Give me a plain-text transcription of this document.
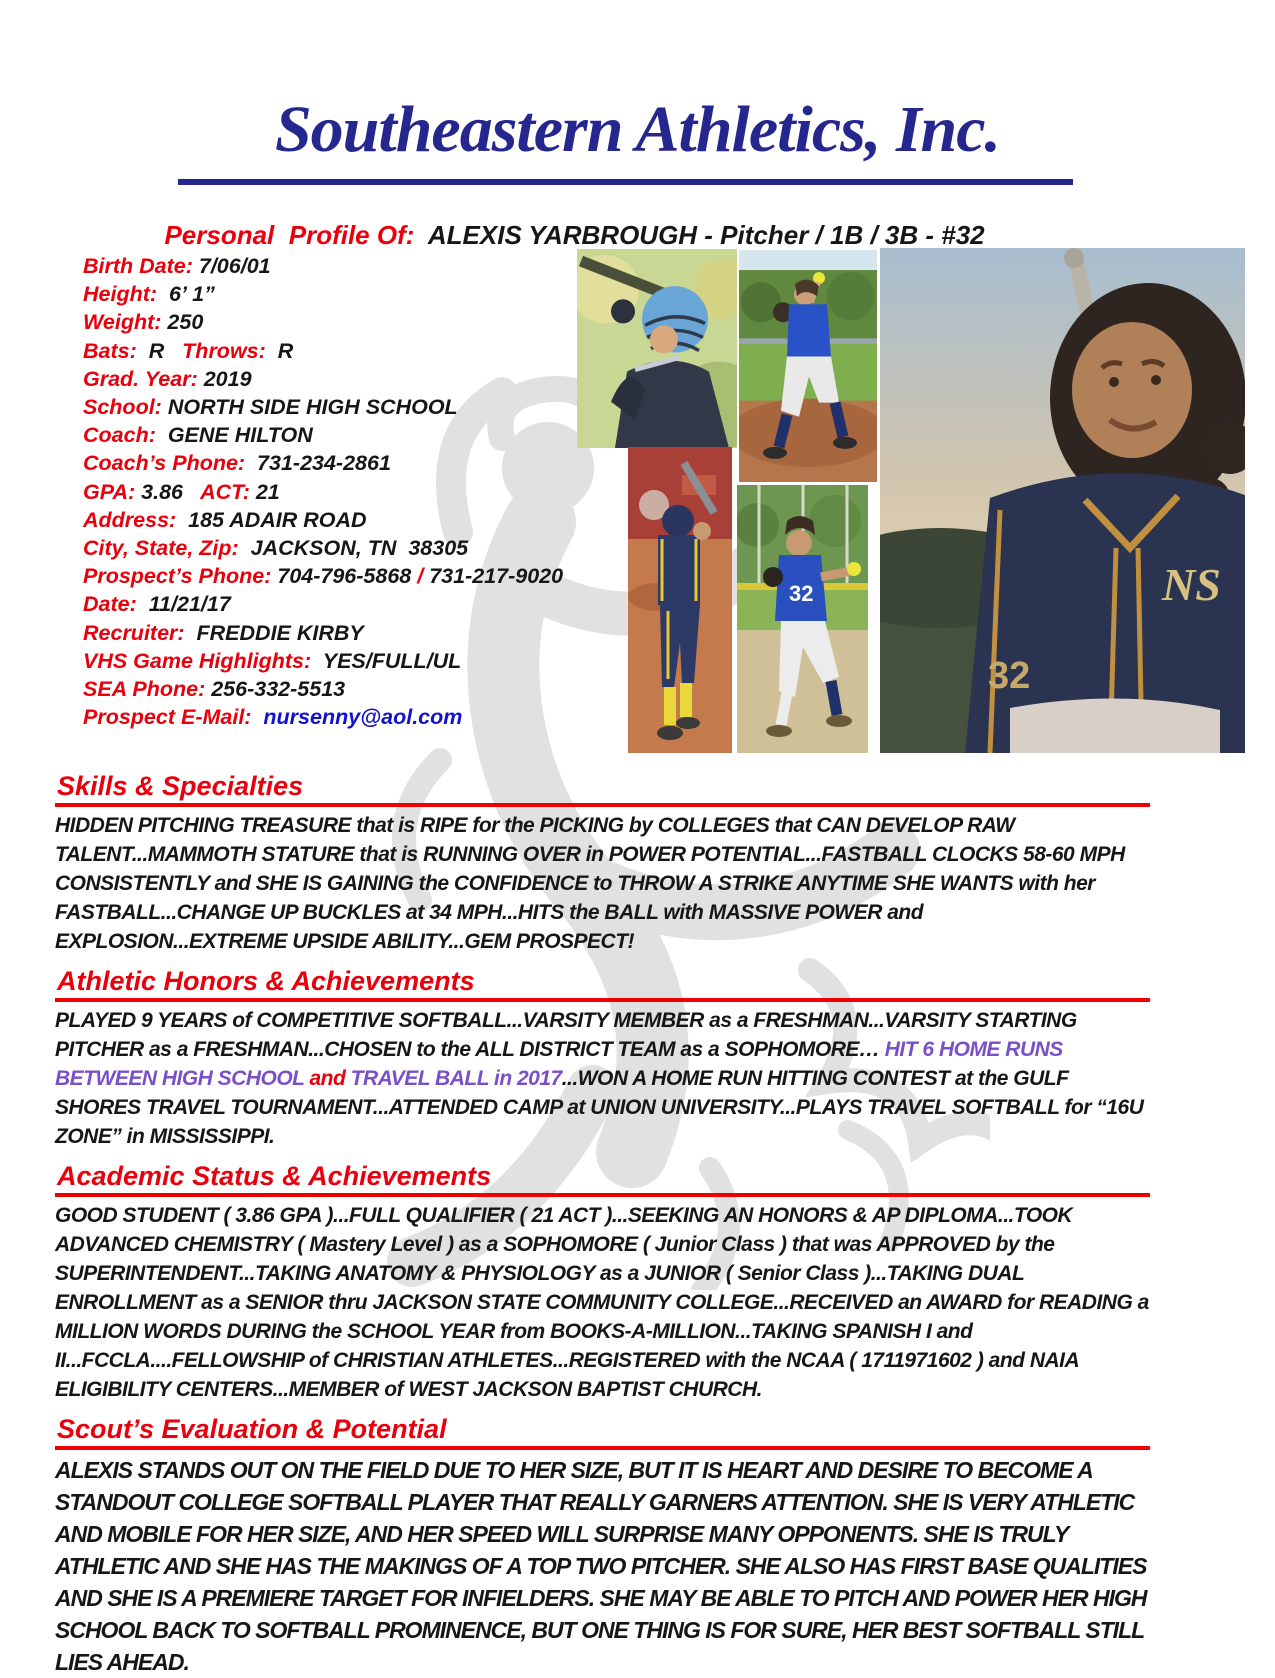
Southeastern Athletics, Inc.

Personal  Profile Of:  ALEXIS YARBROUGH - Pitcher / 1B / 3B - #32

Birth Date: 7/06/01
Height:  6’ 1”
Weight: 250
Bats:  R   Throws:  R
Grad. Year: 2019
School: NORTH SIDE HIGH SCHOOL
Coach:  GENE HILTON
Coach’s Phone:  731-234-2861
GPA: 3.86   ACT: 21
Address:  185 ADAIR ROAD
City, State, Zip:  JACKSON, TN  38305
Prospect’s Phone: 704-796-5868 / 731-217-9020
Date:  11/21/17
Recruiter:  FREDDIE KIRBY
VHS Game Highlights:  YES/FULL/UL
SEA Phone: 256-332-5513
Prospect E-Mail:  nursenny@aol.com
32	NS
32
Skills & Specialties

HIDDEN PITCHING TREASURE that is RIPE for the PICKING by COLLEGES that CAN DEVELOP RAW TALENT...MAMMOTH STATURE that is RUNNING OVER in POWER POTENTIAL...FASTBALL CLOCKS 58-60 MPH CONSISTENTLY and SHE IS GAINING the CONFIDENCE to THROW A STRIKE ANYTIME SHE WANTS with her FASTBALL...CHANGE UP BUCKLES at 34 MPH...HITS the BALL with MASSIVE POWER and EXPLOSION...EXTREME UPSIDE ABILITY...GEM PROSPECT!

Athletic Honors & Achievements

PLAYED 9 YEARS of COMPETITIVE SOFTBALL...VARSITY MEMBER as a FRESHMAN...VARSITY STARTING PITCHER as a FRESHMAN...CHOSEN to the ALL DISTRICT TEAM as a SOPHOMORE… HIT 6 HOME RUNS BETWEEN HIGH SCHOOL and TRAVEL BALL in 2017...WON A HOME RUN HITTING CONTEST at the GULF SHORES TRAVEL TOURNAMENT...ATTENDED CAMP at UNION UNIVERSITY...PLAYS TRAVEL SOFTBALL for “16U ZONE” in MISSISSIPPI.

Academic Status & Achievements

GOOD STUDENT ( 3.86 GPA )...FULL QUALIFIER ( 21 ACT )...SEEKING AN HONORS & AP DIPLOMA...TOOK ADVANCED CHEMISTRY ( Mastery Level ) as a SOPHOMORE ( Junior Class ) that was APPROVED by the SUPERINTENDENT...TAKING ANATOMY & PHYSIOLOGY as a JUNIOR ( Senior Class )...TAKING DUAL ENROLLMENT as a SENIOR thru JACKSON STATE COMMUNITY COLLEGE...RECEIVED an AWARD for READING a MILLION WORDS DURING the SCHOOL YEAR from BOOKS-A-MILLION...TAKING SPANISH I and II...FCCLA....FELLOWSHIP of CHRISTIAN ATHLETES...REGISTERED with the NCAA ( 1711971602 ) and NAIA ELIGIBILITY CENTERS...MEMBER of WEST JACKSON BAPTIST CHURCH.

Scout’s Evaluation & Potential

ALEXIS STANDS OUT ON THE FIELD DUE TO HER SIZE, BUT IT IS HEART AND DESIRE TO BECOME A STANDOUT COLLEGE SOFTBALL PLAYER THAT REALLY GARNERS ATTENTION. SHE IS VERY ATHLETIC AND MOBILE FOR HER SIZE, AND HER SPEED WILL SURPRISE MANY OPPONENTS. SHE IS TRULY ATHLETIC AND SHE HAS THE MAKINGS OF A TOP TWO PITCHER. SHE ALSO HAS FIRST BASE QUALITIES AND SHE IS A PREMIERE TARGET FOR INFIELDERS. SHE MAY BE ABLE TO PITCH AND POWER HER HIGH SCHOOL BACK TO SOFTBALL PROMINENCE, BUT ONE THING IS FOR SURE, HER BEST SOFTBALL STILL LIES AHEAD.
